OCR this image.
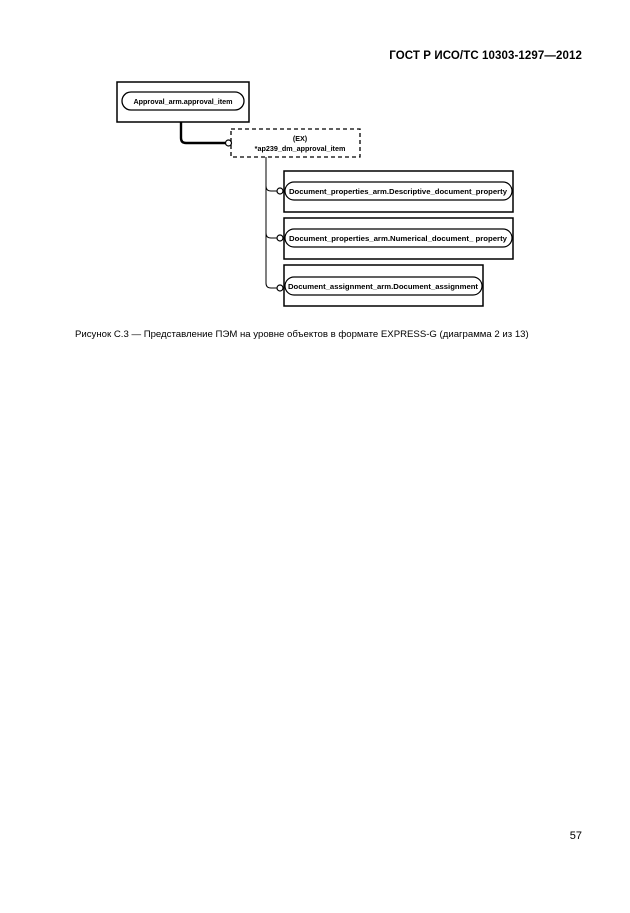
ГОСТ Р ИСО/ТС 10303-1297—2012
Approval_arm.approval_item
(EX)
*ap239_dm_approval_item
Document_properties_arm.Descriptive_document_property
Document_properties_arm.Numerical_document_ property
Document_assignment_arm.Document_assignment
Рисунок С.3 — Представление ПЭМ на уровне объектов в формате EXPRESS-G (диаграмма 2 из 13)
57
